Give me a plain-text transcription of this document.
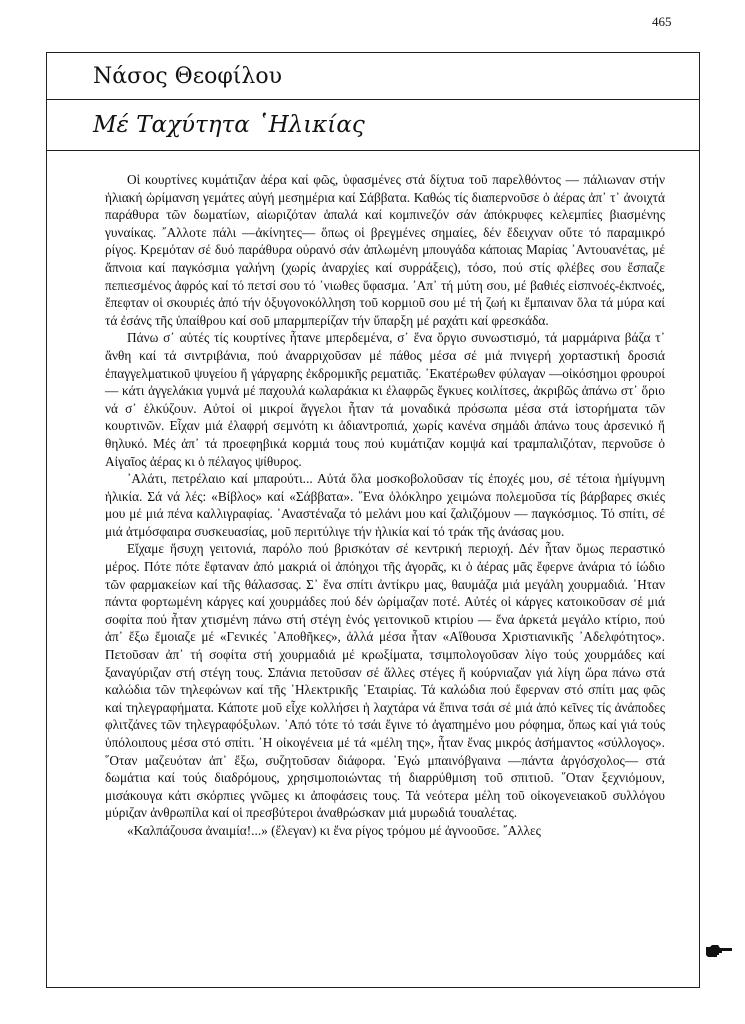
465
Νάσος Θεοφίλου
Μέ Ταχύτητα ῾Ηλικίας

Οἱ κουρτίνες κυμάτιζαν ἀέρα καί φῶς, ὑφασμένες στά δίχτυα τοῦ παρελθόντος — πάλιωναν στήν ἡλιακή ὡρίμανση γεμάτες αὐγή μεσημέρια καί Σάββατα. Καθώς τίς διαπερνοῦσε ὁ ἀέρας ἀπ᾽ τ᾽ ἀνοιχτά παράθυρα τῶν δωματίων, αἰωριζόταν ἁπαλά καί κομπινεζόν σάν ἀπόκρυφες κελεμπίες βιασμένης γυναίκας. ῎Αλλοτε πάλι —ἀκίνητες— ὅπως οἱ βρεγμένες σημαίες, δέν ἔδειχναν οὔτε τό παραμικρό ρίγος. Κρεμόταν σέ δυό παράθυρα οὐρανό σάν ἀπλωμένη μπουγάδα κάποιας Μαρίας ᾽Αντουανέτας, μέ ἄπνοια καί παγκόσμια γαλήνη (χωρίς ἀναρχίες καί συρράξεις), τόσο, πού στίς φλέβες σου ἔσπαζε πεπιεσμένος ἀφρός καί τό πετσί σου τό ᾽νιωθες ὕφασμα. ᾽Απ᾽ τή μύτη σου, μέ βαθιές εἰσπνοές-ἐκπνοές, ἔπεφταν οἱ σκουριές ἀπό τήν ὀξυγονοκόλληση τοῦ κορμιοῦ σου μέ τή ζωή κι ἔμπαιναν ὅλα τά μύρα καί τά ἐσάνς τῆς ὑπαίθρου καί σοῦ μπαρμπερίζαν τήν ὕπαρξη μέ ραχάτι καί φρεσκάδα.

Πάνω σ᾽ αὐτές τίς κουρτίνες ἦτανε μπερδεμένα, σ᾽ ἕνα ὄργιο συνωστισμό, τά μαρμάρινα βάζα τ᾽ ἄνθη καί τά σιντριβάνια, πού ἀναρριχοῦσαν μέ πάθος μέσα σέ μιά πνιγερή χορταστική δροσιά ἐπαγγελματικοῦ ψυγείου ἤ γάργαρης ἐκδρομικῆς ρεματιᾶς. ᾽Εκατέρωθεν φύλαγαν —οἰκόσημοι φρουροί— κάτι ἀγγελάκια γυμνά μέ παχουλά κωλαράκια κι ἐλαφρῶς ἔγκυες κοιλίτσες, ἀκριβῶς ἀπάνω στ᾽ ὅριο νά σ᾽ ἑλκύζουν. Αὐτοί οἱ μικροί ἄγγελοι ἦταν τά μοναδικά πρόσωπα μέσα στά ἱστορήματα τῶν κουρτινῶν. Εἶχαν μιά ἐλαφρή σεμνότη κι ἀδιαντροπιά, χωρίς κανένα σημάδι ἀπάνω τους ἀρσενικό ἤ θηλυκό. Μές ἀπ᾽ τά προεφηβικά κορμιά τους πού κυμάτιζαν κομψά καί τραμπαλιζόταν, περνοῦσε ὁ Αἰγαῖος ἀέρας κι ὁ πέλαγος ψίθυρος.

᾽Αλάτι, πετρέλαιο καί μπαρούτι... Αὐτά ὅλα μοσκοβολοῦσαν τίς ἐποχές μου, σέ τέτοια ἡμίγυμνη ἡλικία. Σά νά λές: «Βίβλος» καί «Σάββατα». ῞Ενα ὁλόκληρο χειμώνα πολεμοῦσα τίς βάρβαρες σκιές μου μέ μιά πένα καλλιγραφίας. ᾽Αναστέναζα τό μελάνι μου καί ζαλιζόμουν — παγκόσμιος. Τό σπίτι, σέ μιά ἀτμόσφαιρα συσκευασίας, μοῦ περιτύλιγε τήν ἡλικία καί τό τράκ τῆς ἀνάσας μου.

Εἴχαμε ἥσυχη γειτονιά, παρόλο πού βρισκόταν σέ κεντρική περιοχή. Δέν ἦταν ὅμως περαστικό μέρος. Πότε πότε ἔφταναν ἀπό μακριά οἱ ἀπόηχοι τῆς ἀγορᾶς, κι ὁ ἀέρας μᾶς ἔφερνε ἀνάρια τό ἰώδιο τῶν φαρμακείων καί τῆς θάλασσας. Σ᾽ ἕνα σπίτι ἀντίκρυ μας, θαυμάζα μιά μεγάλη χουρμαδιά. ᾽Ηταν πάντα φορτωμένη κάργες καί χουρμάδες πού δέν ὡρίμαζαν ποτέ. Αὐτές οἱ κάργες κατοικοῦσαν σέ μιά σοφίτα πού ἦταν χτισμένη πάνω στή στέγη ἑνός γειτονικοῦ κτιρίου — ἕνα ἀρκετά μεγάλο κτίριο, πού ἀπ᾽ ἔξω ἔμοιαζε μέ «Γενικές ᾽Αποθῆκες», ἀλλά μέσα ἦταν «Αἴθουσα Χριστιανικῆς ᾽Αδελφότητος». Πετοῦσαν ἀπ᾽ τή σοφίτα στή χουρμαδιά μέ κρωξίματα, τσιμπολογοῦσαν λίγο τούς χουρμάδες καί ξαναγύριζαν στή στέγη τους. Σπάνια πετοῦσαν σέ ἄλλες στέγες ἤ κούρνιαζαν γιά λίγη ὥρα πάνω στά καλώδια τῶν τηλεφώνων καί τῆς ᾽Ηλεκτρικῆς ᾽Εταιρίας. Τά καλώδια πού ἔφερναν στό σπίτι μας φῶς καί τηλεγραφήματα. Κάποτε μοῦ εἶχε κολλήσει ἡ λαχτάρα νά ἔπινα τσάι σέ μιά ἀπό κεῖνες τίς ἀνάποδες φλιτζάνες τῶν τηλεγραφόξυλων. ᾽Από τότε τό τσάι ἔγινε τό ἀγαπημένο μου ρόφημα, ὅπως καί γιά τούς ὑπόλοιπους μέσα στό σπίτι. ᾽Η οἰκογένεια μέ τά «μέλη της», ἦταν ἕνας μικρός ἀσήμαντος «σύλλογος». ῞Οταν μαζευόταν ἀπ᾽ ἔξω, συζητοῦσαν διάφορα. ᾽Εγώ μπαινόβγαινα —πάντα ἀργόσχολος— στά δωμάτια καί τούς διαδρόμους, χρησιμοποιώντας τή διαρρύθμιση τοῦ σπιτιοῦ. ῞Οταν ξεχνιόμουν, μισάκουγα κάτι σκόρπιες γνῶμες κι ἀποφάσεις τους. Τά νεότερα μέλη τοῦ οἰκογενειακοῦ συλλόγου μύριζαν ἀνθρωπίλα καί οἱ πρεσβύτεροι ἀναθρώσκαν μιά μυρωδιά τουαλέτας.

«Καλπάζουσα ἀναιμία!...» (ἔλεγαν) κι ἕνα ρίγος τρόμου μέ ἀγνοοῦσε. ῎Αλλες
